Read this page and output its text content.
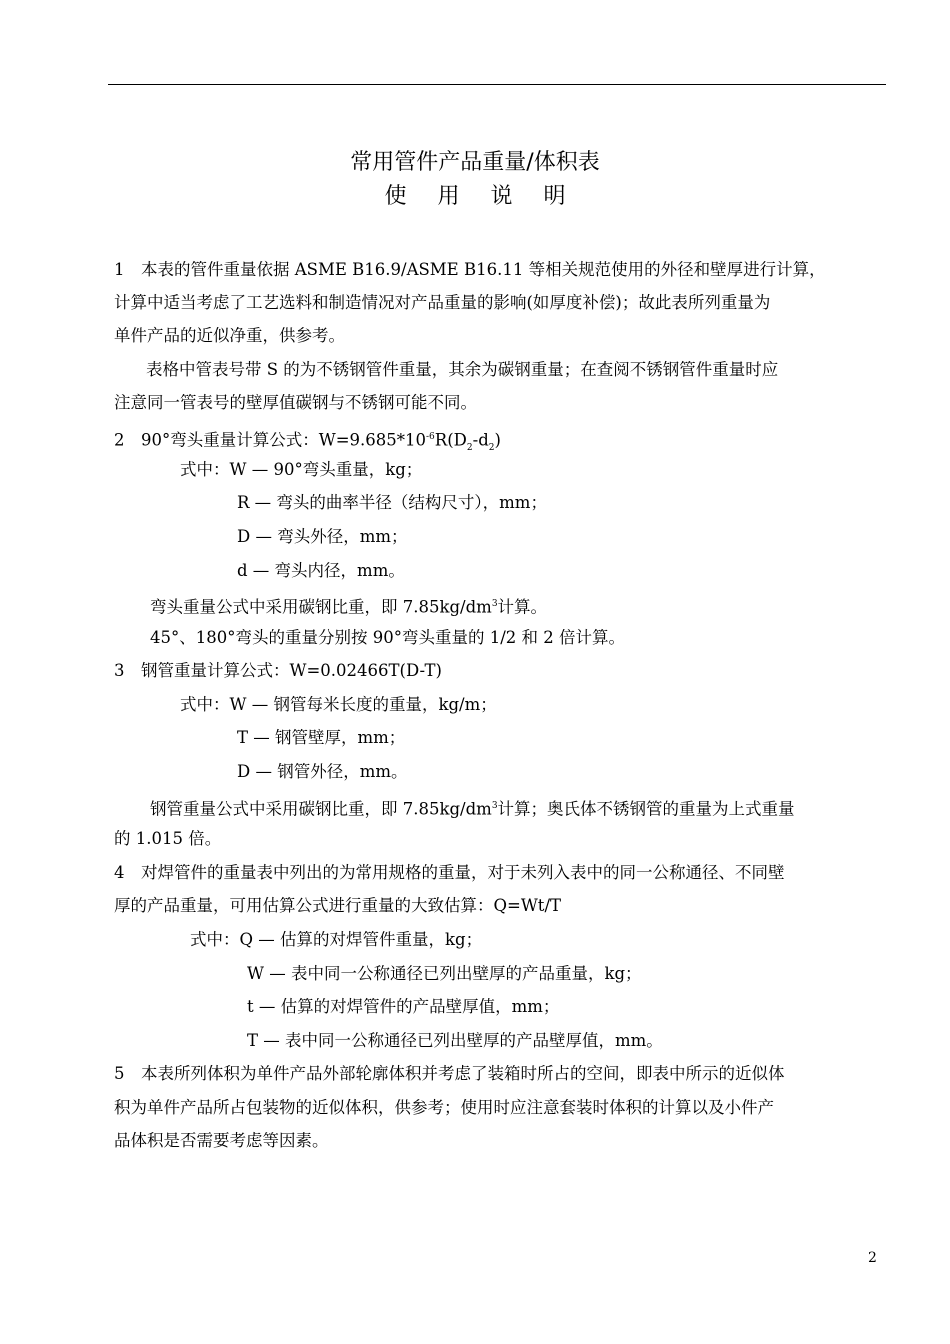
常用管件产品重量/体积表
使 用 说 明
1　本表的管件重量依据 ASME B16.9/ASME B16.11 等相关规范使用的外径和壁厚进行计算，
计算中适当考虑了工艺选料和制造情况对产品重量的影响(如厚度补偿)；故此表所列重量为
单件产品的近似净重，供参考。
表格中管表号带 S 的为不锈钢管件重量，其余为碳钢重量；在查阅不锈钢管件重量时应
注意同一管表号的壁厚值碳钢与不锈钢可能不同。
2　90°弯头重量计算公式：$W=9.685*10^{-6}R(D_2-d_2)$
式中：W — 90°弯头重量，kg；
R — 弯头的曲率半径（结构尺寸），mm；
D — 弯头外径，mm；
d — 弯头内径，mm。
弯头重量公式中采用碳钢比重，即 $7.85kg/dm^3$计算。
45°、180°弯头的重量分别按 90°弯头重量的 1/2 和 2 倍计算。
3　钢管重量计算公式：W=0.02466T(D-T)
式中：W — 钢管每米长度的重量，kg/m；
T — 钢管壁厚，mm；
D — 钢管外径，mm。
钢管重量公式中采用碳钢比重，即 $7.85kg/dm^3$计算；奥氏体不锈钢管的重量为上式重量
的 1.015 倍。
4　对焊管件的重量表中列出的为常用规格的重量，对于未列入表中的同一公称通径、不同壁
厚的产品重量，可用估算公式进行重量的大致估算：Q=Wt/T
式中：Q — 估算的对焊管件重量，kg；
W — 表中同一公称通径已列出壁厚的产品重量，kg；
t — 估算的对焊管件的产品壁厚值，mm；
T — 表中同一公称通径已列出壁厚的产品壁厚值，mm。
5　本表所列体积为单件产品外部轮廓体积并考虑了装箱时所占的空间，即表中所示的近似体
积为单件产品所占包装物的近似体积，供参考；使用时应注意套装时体积的计算以及小件产
品体积是否需要考虑等因素。
2
